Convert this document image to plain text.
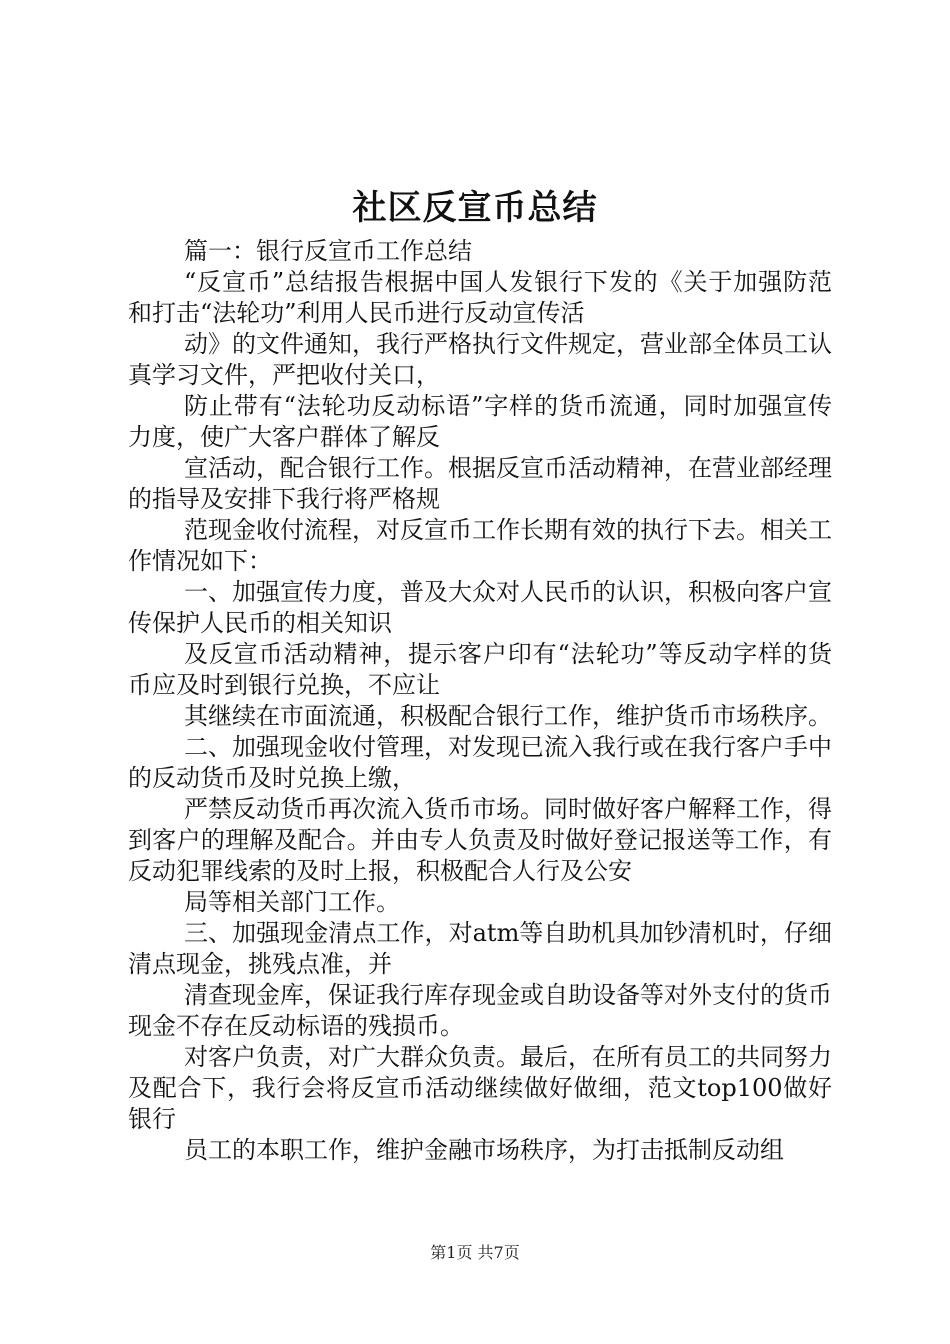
社区反宣币总结

篇一：银行反宣币工作总结

“反宣币”总结报告根据中国人发银行下发的《关于加强防范和打击“法轮功”利用人民币进行反动宣传活

动》的文件通知，我行严格执行文件规定，营业部全体员工认真学习文件，严把收付关口，

防止带有“法轮功反动标语”字样的货币流通，同时加强宣传力度，使广大客户群体了解反

宣活动，配合银行工作。根据反宣币活动精神，在营业部经理的指导及安排下我行将严格规

范现金收付流程，对反宣币工作长期有效的执行下去。相关工作情况如下：

一、加强宣传力度，普及大众对人民币的认识，积极向客户宣传保护人民币的相关知识

及反宣币活动精神，提示客户印有“法轮功”等反动字样的货币应及时到银行兑换，不应让

其继续在市面流通，积极配合银行工作，维护货币市场秩序。

二、加强现金收付管理，对发现已流入我行或在我行客户手中的反动货币及时兑换上缴，

严禁反动货币再次流入货币市场。同时做好客户解释工作，得到客户的理解及配合。并由专人负责及时做好登记报送等工作，有反动犯罪线索的及时上报，积极配合人行及公安

局等相关部门工作。

三、加强现金清点工作，对atm等自助机具加钞清机时，仔细清点现金，挑残点准，并

清查现金库，保证我行库存现金或自助设备等对外支付的货币现金不存在反动标语的残损币。

对客户负责，对广大群众负责。最后，在所有员工的共同努力及配合下，我行会将反宣币活动继续做好做细，范文top100做好银行

员工的本职工作，维护金融市场秩序，为打击抵制反动组

第1页 共7页
